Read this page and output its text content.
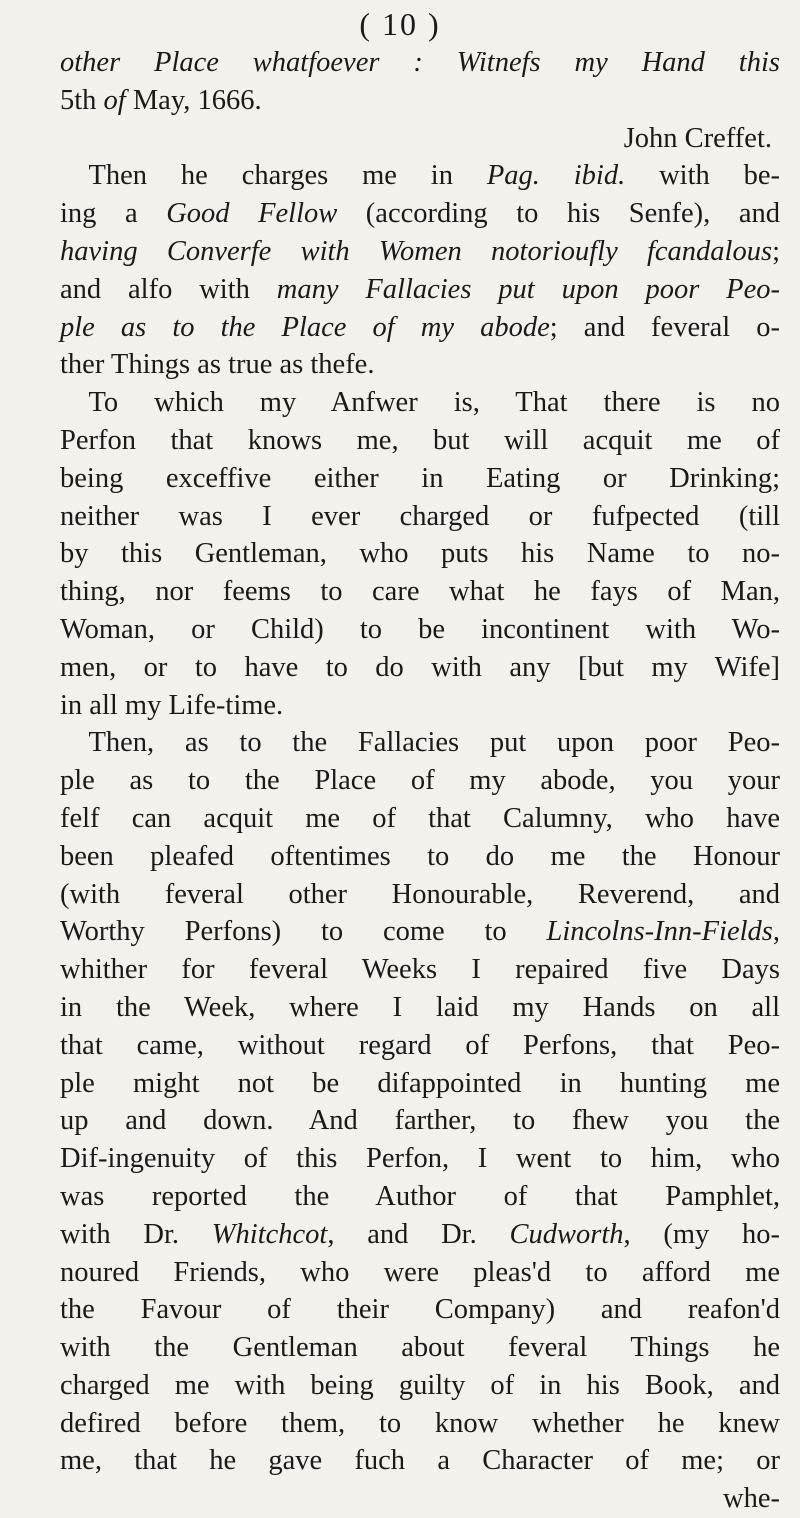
( 10 )
other Place whatfoever : Witnefs my Hand this
5th of May, 1666.
John Creffet.
 Then he charges me in Pag. ibid. with be-
ing a Good Fellow (according to his Senfe), and
having Converfe with Women notorioufly fcandalous;
and alfo with many Fallacies put upon poor Peo-
ple as to the Place of my abode; and feveral o-
ther Things as true as thefe.
 To which my Anfwer is, That there is no
Perfon that knows me, but will acquit me of
being exceffive either in Eating or Drinking;
neither was I ever charged or fufpected (till
by this Gentleman, who puts his Name to no-
thing, nor feems to care what he fays of Man,
Woman, or Child) to be incontinent with Wo-
men, or to have to do with any [but my Wife]
in all my Life-time.
 Then, as to the Fallacies put upon poor Peo-
ple as to the Place of my abode, you your
felf can acquit me of that Calumny, who have
been pleafed oftentimes to do me the Honour
(with feveral other Honourable, Reverend, and
Worthy Perfons) to come to Lincolns-Inn-Fields,
whither for feveral Weeks I repaired five Days
in the Week, where I laid my Hands on all
that came, without regard of Perfons, that Peo-
ple might not be difappointed in hunting me
up and down. And farther, to fhew you the
Dif-ingenuity of this Perfon, I went to him, who
was reported the Author of that Pamphlet,
with Dr. Whitchcot, and Dr. Cudworth, (my ho-
noured Friends, who were pleas'd to afford me
the Favour of their Company) and reafon'd
with the Gentleman about feveral Things he
charged me with being guilty of in his Book, and
defired before them, to know whether he knew
me, that he gave fuch a Character of me; or
whe-
